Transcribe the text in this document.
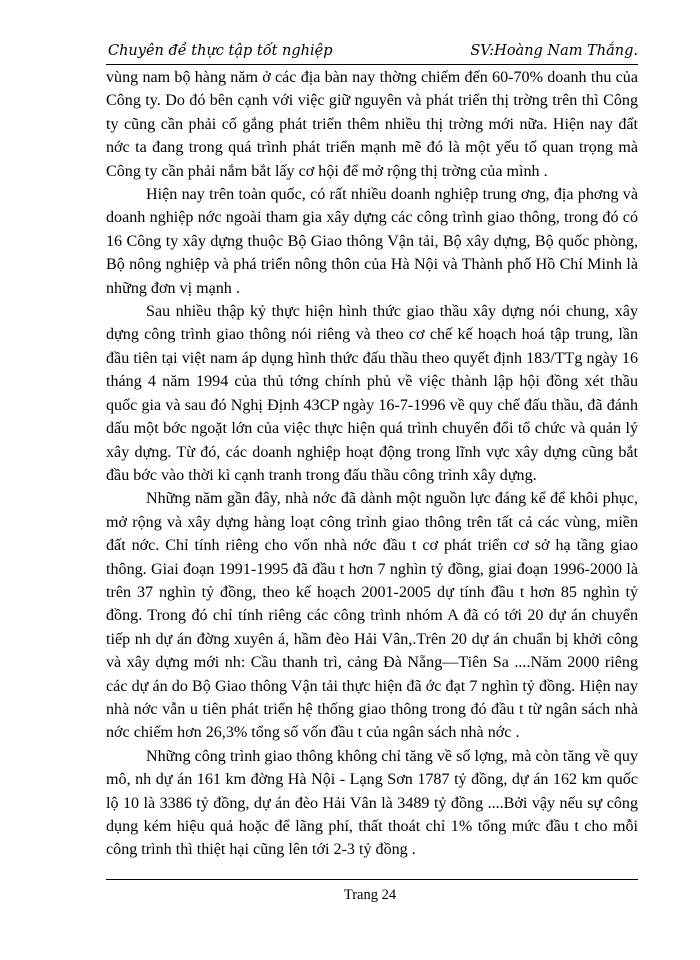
Chuyên đề thực tập tốt nghiệp	SV:Hoàng Nam Thắng.

vùng nam bộ hàng năm ở các địa bàn nay thờng chiếm đến 60-70% doanh thu của Công ty. Do đó bên cạnh với việc giữ nguyên và phát triển thị trờng trên thì Công ty cũng cần phải cố gắng phát triển thêm nhiều thị trờng mới nữa. Hiện nay đất nớc ta đang trong quá trình phát triển mạnh mẽ đó là một yếu tố quan trọng mà Công ty cần phải nắm bắt lấy cơ hội để mở rộng thị trờng của mình .

Hiện nay trên toàn quốc, có rất nhiều doanh nghiệp trung ơng, địa phơng và doanh nghiệp nớc ngoài tham gia xây dựng các công trình giao thông, trong đó có 16 Công ty xây dựng thuộc Bộ Giao thông Vận tải, Bộ xây dựng, Bộ quốc phòng, Bộ nông nghiệp và phá triển nông thôn của Hà Nội và Thành phố Hồ Chí Minh là những đơn vị mạnh .

Sau nhiều thập kỷ thực hiện hình thức giao thầu xây dựng nói chung, xây dựng công trình giao thông nói riêng và theo cơ chế kế hoạch hoá tập trung, lần đầu tiên tại việt nam áp dụng hình thức đấu thầu theo quyết định 183/TTg ngày 16 tháng 4 năm 1994 của thủ tớng chính phủ về việc thành lập hội đồng xét thầu quốc gia và sau đó Nghị Định 43CP ngày 16-7-1996 về quy chế đấu thầu, đã đánh dấu một bớc ngoặt lớn của việc thực hiện quá trình chuyển đổi tổ chức và quản lý xây dựng. Từ đó, các doanh nghiệp hoạt động trong lĩnh vực xây dựng cũng bắt đầu bớc vào thời kì cạnh tranh trong đấu thầu công trình xây dựng.

Những năm gần đây, nhà nớc đã dành một nguồn lực đáng kể để khôi phục, mở rộng và xây dựng hàng loạt công trình giao thông trên tất cả các vùng, miền đất nớc. Chỉ tính riêng cho vốn nhà nớc đầu t cơ phát triển cơ sở hạ tầng giao thông. Giai đoạn 1991-1995 đã đầu t hơn 7 nghìn tỷ đồng, giai đoạn 1996-2000 là trên 37 nghìn tỷ đồng, theo kế hoạch 2001-2005 dự tính đầu t hơn 85 nghìn tỷ đồng. Trong đó chỉ tính riêng các công trình nhóm A đã có tới 20 dự án chuyển tiếp nh dự án đờng xuyên á, hầm đèo Hải Vân,.Trên 20 dự án chuẩn bị khởi công và xây dựng mới nh: Cầu thanh trì, cảng Đà Nẵng—Tiên Sa ....Năm 2000 riêng các dự án do Bộ Giao thông Vận tải thực hiện đã ớc đạt 7 nghìn tỷ đồng. Hiện nay nhà nớc vẫn u tiên phát triển hệ thống giao thông trong đó đầu t từ ngân sách nhà nớc chiếm hơn 26,3% tổng số vốn đầu t của ngân sách nhà nớc .

Những công trình giao thông không chỉ tăng về số lợng, mà còn tăng về quy mô, nh dự án 161 km đờng Hà Nội - Lạng Sơn 1787 tỷ đồng, dự án 162 km quốc lộ 10 là 3386 tỷ đồng, dự án đèo Hải Vân là 3489 tỷ đồng ....Bởi vậy nếu sự công dụng kém hiệu quả hoặc để lãng phí, thất thoát chỉ 1% tổng mức đầu t cho mỗi công trình thì thiệt hại cũng lên tới 2-3 tỷ đồng .

Trang 24
